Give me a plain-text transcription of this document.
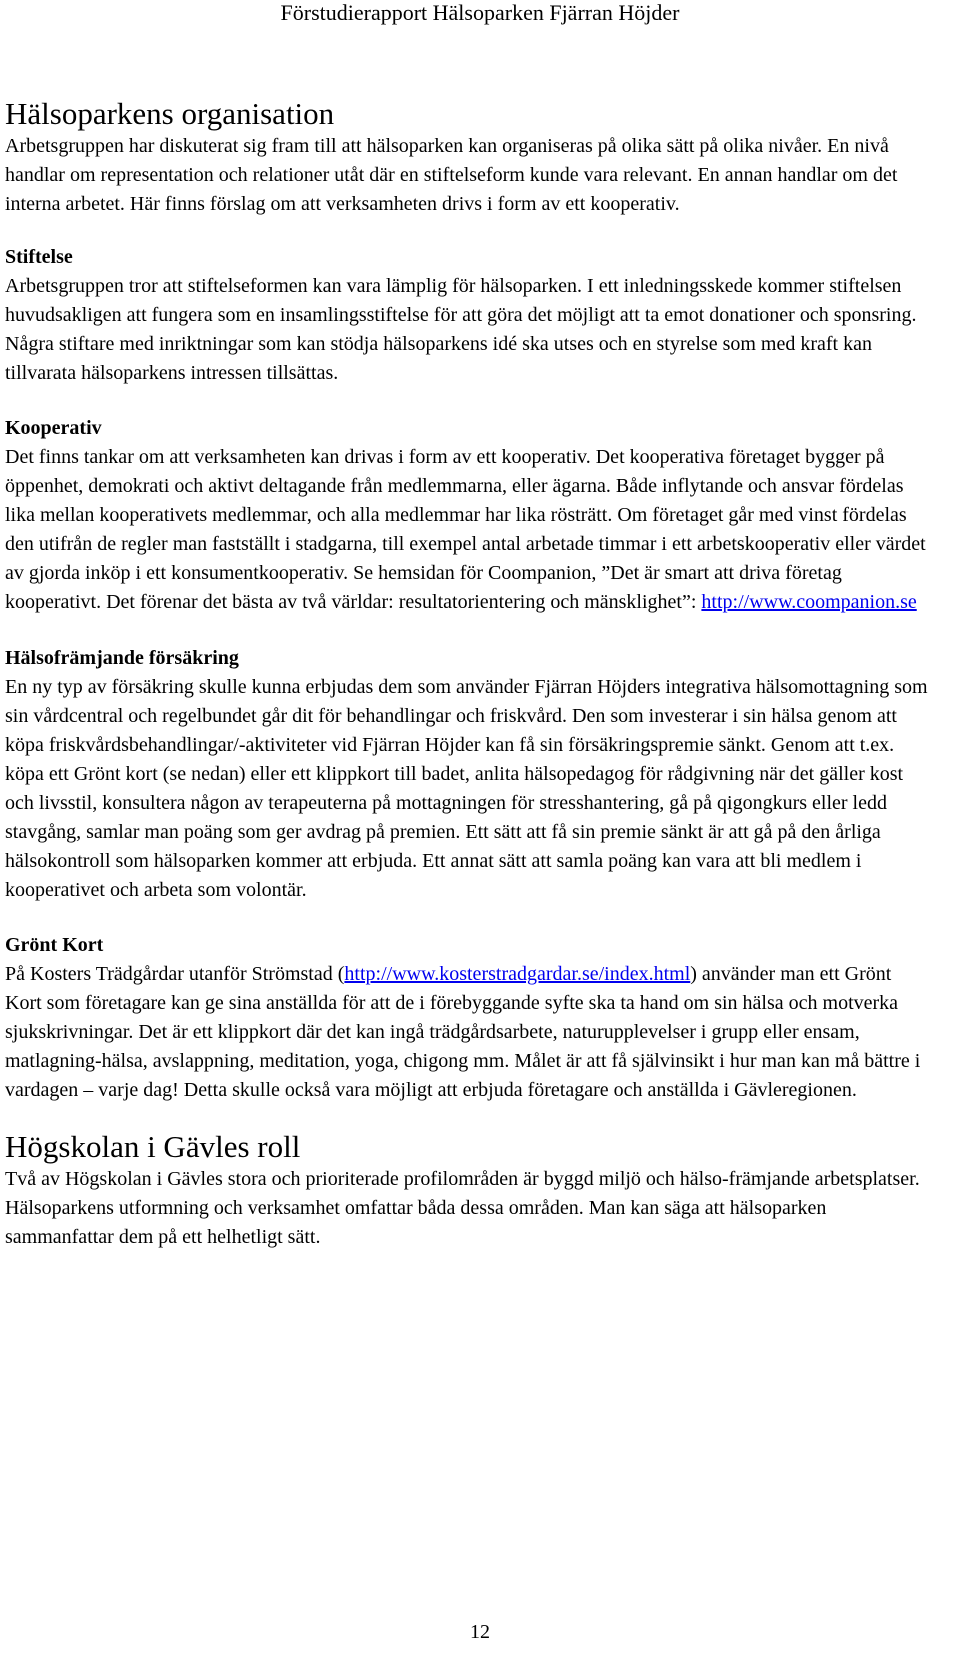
Förstudierapport Hälsoparken Fjärran Höjder
Hälsoparkens organisation

Arbetsgruppen har diskuterat sig fram till att hälsoparken kan organiseras på olika sätt på olika nivåer. En nivå handlar om representation och relationer utåt där en stiftelseform kunde vara relevant. En annan handlar om det interna arbetet. Här finns förslag om att verksamheten drivs i form av ett kooperativ.

Stiftelse

Arbetsgruppen tror att stiftelseformen kan vara lämplig för hälsoparken. I ett inledningsskede kommer stiftelsen huvudsakligen att fungera som en insamlingsstiftelse för att göra det möjligt att ta emot donationer och sponsring. Några stiftare med inriktningar som kan stödja hälsoparkens idé ska utses och en styrelse som med kraft kan tillvarata hälsoparkens intressen tillsättas.

Kooperativ

Det finns tankar om att verksamheten kan drivas i form av ett kooperativ. Det kooperativa företaget bygger på öppenhet, demokrati och aktivt deltagande från medlemmarna, eller ägarna. Både inflytande och ansvar fördelas lika mellan kooperativets medlemmar, och alla medlemmar har lika rösträtt. Om företaget går med vinst fördelas den utifrån de regler man fastställt i stadgarna, till exempel antal arbetade timmar i ett arbetskooperativ eller värdet av gjorda inköp i ett konsumentkooperativ. Se hemsidan för Coompanion, ”Det är smart att driva företag kooperativt. Det förenar det bästa av två världar: resultatorientering och mänsklighet”: http://www.coompanion.se

Hälsofrämjande försäkring

En ny typ av försäkring skulle kunna erbjudas dem som använder Fjärran Höjders integrativa hälsomottagning som sin vårdcentral och regelbundet går dit för behandlingar och friskvård. Den som investerar i sin hälsa genom att köpa friskvårdsbehandlingar/-aktiviteter vid Fjärran Höjder kan få sin försäkringspremie sänkt. Genom att t.ex. köpa ett Grönt kort (se nedan) eller ett klippkort till badet, anlita hälsopedagog för rådgivning när det gäller kost och livsstil, konsultera någon av terapeuterna på mottagningen för stresshantering, gå på qigongkurs eller ledd stavgång, samlar man poäng som ger avdrag på premien. Ett sätt att få sin premie sänkt är att gå på den årliga hälsokontroll som hälsoparken kommer att erbjuda. Ett annat sätt att samla poäng kan vara att bli medlem i kooperativet och arbeta som volontär.

Grönt Kort

På Kosters Trädgårdar utanför Strömstad (http://www.kosterstradgardar.se/index.html) använder man ett Grönt Kort som företagare kan ge sina anställda för att de i förebyggande syfte ska ta hand om sin hälsa och motverka sjukskrivningar. Det är ett klippkort där det kan ingå trädgårdsarbete, naturupplevelser i grupp eller ensam, matlagning-hälsa, avslappning, meditation, yoga, chigong mm. Målet är att få självinsikt i hur man kan må bättre i vardagen – varje dag! Detta skulle också vara möjligt att erbjuda företagare och anställda i Gävleregionen.

Högskolan i Gävles roll

Två av Högskolan i Gävles stora och prioriterade profilområden är byggd miljö och hälso-främjande arbetsplatser. Hälsoparkens utformning och verksamhet omfattar båda dessa områden. Man kan säga att hälsoparken sammanfattar dem på ett helhetligt sätt.

12
